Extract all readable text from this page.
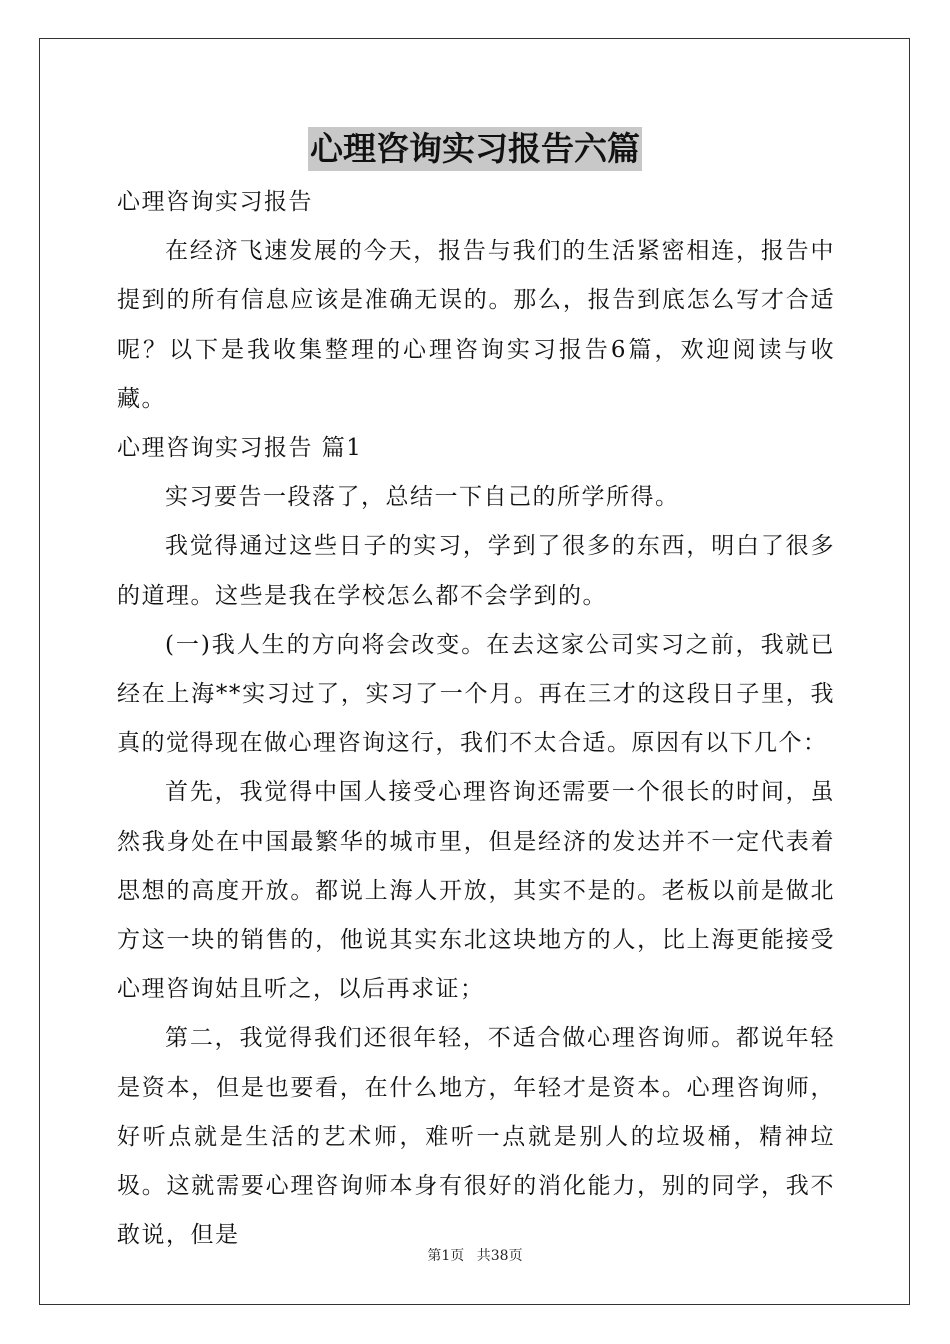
心理咨询实习报告六篇

心理咨询实习报告

在经济飞速发展的今天，报告与我们的生活紧密相连，报告中提到的所有信息应该是准确无误的。那么，报告到底怎么写才合适呢？以下是我收集整理的心理咨询实习报告6篇，欢迎阅读与收藏。

心理咨询实习报告 篇1

实习要告一段落了，总结一下自己的所学所得。

我觉得通过这些日子的实习，学到了很多的东西，明白了很多的道理。这些是我在学校怎么都不会学到的。

(一)我人生的方向将会改变。在去这家公司实习之前，我就已经在上海**实习过了，实习了一个月。再在三才的这段日子里，我真的觉得现在做心理咨询这行，我们不太合适。原因有以下几个：

首先，我觉得中国人接受心理咨询还需要一个很长的时间，虽然我身处在中国最繁华的城市里，但是经济的发达并不一定代表着思想的高度开放。都说上海人开放，其实不是的。老板以前是做北方这一块的销售的，他说其实东北这块地方的人，比上海更能接受心理咨询姑且听之，以后再求证；

第二，我觉得我们还很年轻，不适合做心理咨询师。都说年轻是资本，但是也要看，在什么地方，年轻才是资本。心理咨询师，好听点就是生活的艺术师，难听一点就是别人的垃圾桶，精神垃圾。这就需要心理咨询师本身有很好的消化能力，别的同学，我不敢说，但是

第1页 共38页
